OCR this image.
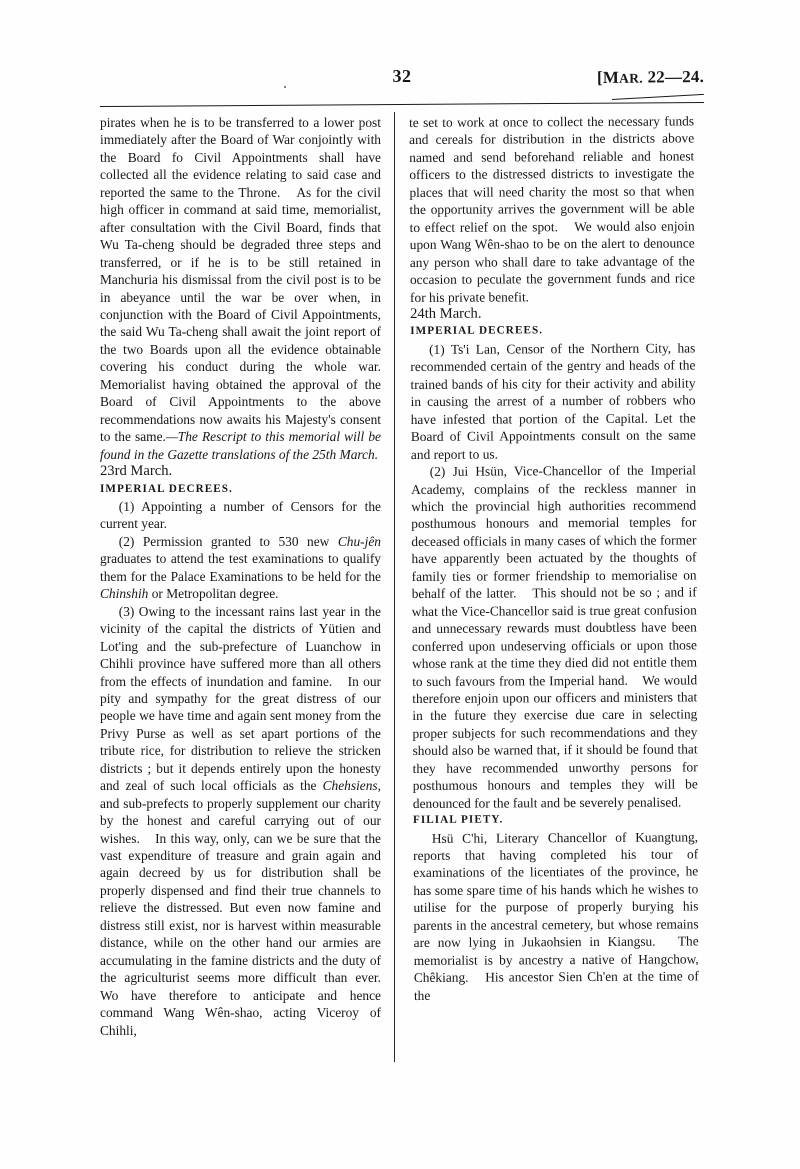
32	[MAR. 22—24.

pirates when he is to be transferred to a lower post immediately after the Board of War conjointly with the Board fo Civil Appointments shall have collected all the evidence relating to said case and reported the same to the Throne.　As for the civil high officer in command at said time, memorialist, after consultation with the Civil Board, finds that Wu Ta-cheng should be degraded three steps and transferred, or if he is to be still retained in Manchuria his dismissal from the civil post is to be in abeyance until the war be over when, in conjunction with the Board of Civil Appointments, the said Wu Ta-cheng shall await the joint report of the two Boards upon all the evidence obtainable covering his conduct during the whole war. Memorialist having obtained the approval of the Board of Civil Appointments to the above recommendations now awaits his Majesty's consent to the same.—The Rescript to this memorial will be found in the Gazette translations of the 25th March.

23rd March.

IMPERIAL DECREES.

(1) Appointing a number of Censors for the current year.

(2) Permission granted to 530 new Chu-jên graduates to attend the test examinations to qualify them for the Palace Examinations to be held for the Chinshih or Metropolitan degree.

(3) Owing to the incessant rains last year in the vicinity of the capital the districts of Yütien and Lot'ing and the sub-prefecture of Luanchow in Chihli province have suffered more than all others from the effects of inundation and famine.　In our pity and sympathy for the great distress of our people we have time and again sent money from the Privy Purse as well as set apart portions of the tribute rice, for distribution to relieve the stricken districts ; but it depends entirely upon the honesty and zeal of such local officials as the Chehsiens, and sub-prefects to properly supplement our charity by the honest and careful carrying out of our wishes.　In this way, only, can we be sure that the vast expenditure of treasure and grain again and again decreed by us for distribution shall be properly dispensed and find their true channels to relieve the distressed. But even now famine and distress still exist, nor is harvest within measurable distance, while on the other hand our armies are accumulating in the famine districts and the duty of the agriculturist seems more difficult than ever.　Wo have therefore to anticipate and hence command Wang Wên-shao, acting Viceroy of Chihli,

te set to work at once to collect the necessary funds and cereals for distribution in the districts above named and send beforehand reliable and honest officers to the distressed districts to investigate the places that will need charity the most so that when the opportunity arrives the government will be able to effect relief on the spot.　We would also enjoin upon Wang Wên-shao to be on the alert to denounce any person who shall dare to take advantage of the occasion to peculate the government funds and rice for his private benefit.

24th March.

IMPERIAL DECREES.

(1) Ts'i Lan, Censor of the Northern City, has recommended certain of the gentry and heads of the trained bands of his city for their activity and ability in causing the arrest of a number of robbers who have infested that portion of the Capital. Let the Board of Civil Appointments consult on the same and report to us.

(2) Jui Hsün, Vice-Chancellor of the Imperial Academy, complains of the reckless manner in which the provincial high authorities recommend posthumous honours and memorial temples for deceased officials in many cases of which the former have apparently been actuated by the thoughts of family ties or former friendship to memorialise on behalf of the latter.　This should not be so ; and if what the Vice-Chancellor said is true great confusion and unnecessary rewards must doubtless have been conferred upon undeserving officials or upon those whose rank at the time they died did not entitle them to such favours from the Imperial hand.　We would therefore enjoin upon our officers and ministers that in the future they exercise due care in selecting proper subjects for such recommendations and they should also be warned that, if it should be found that they have recommended unworthy persons for posthumous honours and temples they will be denounced for the fault and be severely penalised.

FILIAL PIETY.

Hsü C'hi, Literary Chancellor of Kuangtung, reports that having completed his tour of examinations of the licentiates of the province, he has some spare time of his hands which he wishes to utilise for the purpose of properly burying his parents in the ancestral cemetery, but whose remains are now lying in Jukaohsien in Kiangsu.　The memorialist is by ancestry a native of Hangchow, Chêkiang.　His ancestor Sien Ch'en at the time of the
